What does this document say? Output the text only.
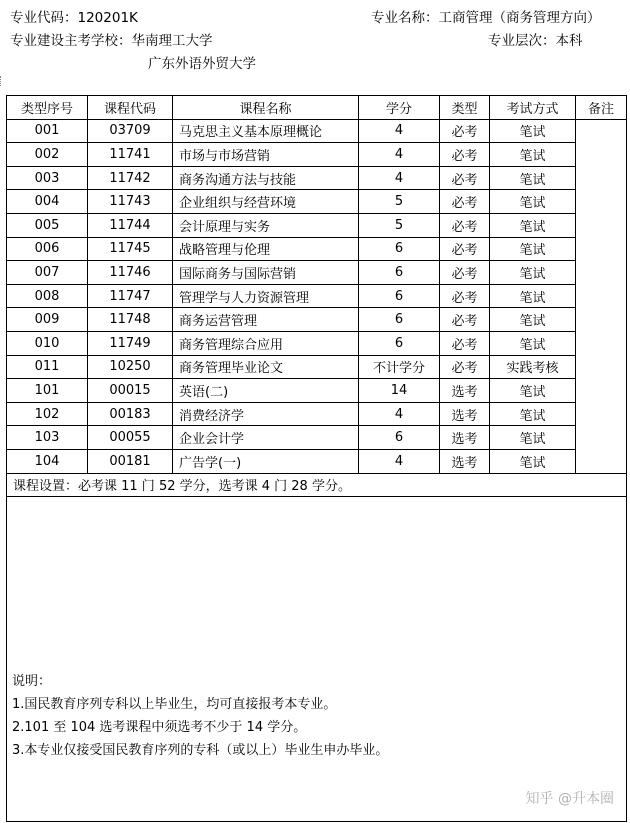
专业代码：120201K	专业名称：工商管理（商务管理方向）
专业建设主考学校：华南理工大学	专业层次：本科
广东外语外贸大学
类型序号	课程代码	课程名称	学分	类型	考试方式	备注
001	03709	马克思主义基本原理概论	4	必考	笔试	
002	11741	市场与市场营销	4	必考	笔试	
003	11742	商务沟通方法与技能	4	必考	笔试	
004	11743	企业组织与经营环境	5	必考	笔试	
005	11744	会计原理与实务	5	必考	笔试	
006	11745	战略管理与伦理	6	必考	笔试	
007	11746	国际商务与国际营销	6	必考	笔试	
008	11747	管理学与人力资源管理	6	必考	笔试	
009	11748	商务运营管理	6	必考	笔试	
010	11749	商务管理综合应用	6	必考	笔试	
011	10250	商务管理毕业论文	不计学分	必考	实践考核	
101	00015	英语(二)	14	选考	笔试	
102	00183	消费经济学	4	选考	笔试	
103	00055	企业会计学	6	选考	笔试	
104	00181	广告学(一)	4	选考	笔试	
课程设置：必考课 11 门 52 学分，选考课 4 门 28 学分。						
说明：
1.国民教育序列专科以上毕业生，均可直接报考本专业。
2.101 至 104 选考课程中须选考不少于 14 学分。
3.本专业仅接受国民教育序列的专科（或以上）毕业生申办毕业。
知乎 @升本圈
